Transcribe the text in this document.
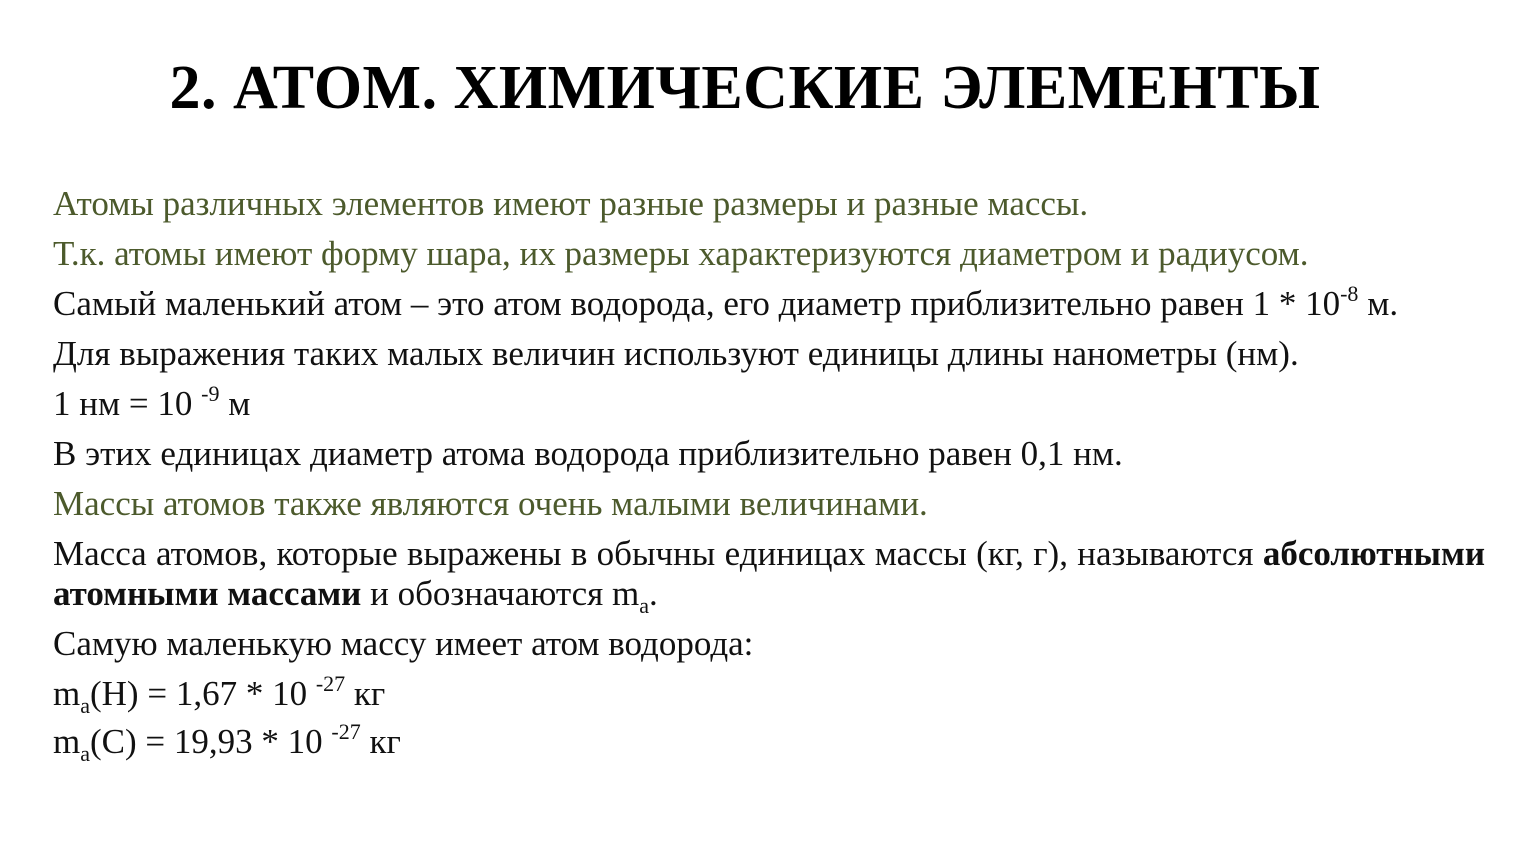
2. АТОМ. ХИМИЧЕСКИЕ ЭЛЕМЕНТЫ

Атомы различных элементов имеют разные размеры и разные массы.

Т.к. атомы имеют форму шара, их размеры характеризуются диаметром и радиусом.

Самый маленький атом – это атом водорода, его диаметр приблизительно равен $1 * 10^{-8}$ м.

Для выражения таких малых величин используют единицы длины нанометры (нм).

1 нм = 10 $^{-9}$ м

В этих единицах диаметр атома водорода приблизительно равен 0,1 нм.

Массы атомов также являются очень малыми величинами.

Масса атомов, которые выражены в обычны единицах массы (кг, г), называются абсолютными атомными массами и обозначаются $m_a$.

Самую маленькую массу имеет атом водорода:

$m_a(H) = 1,67 * 10$ $^{-27}$ кг

$m_a(C) = 19,93 * 10$ $^{-27}$ кг
